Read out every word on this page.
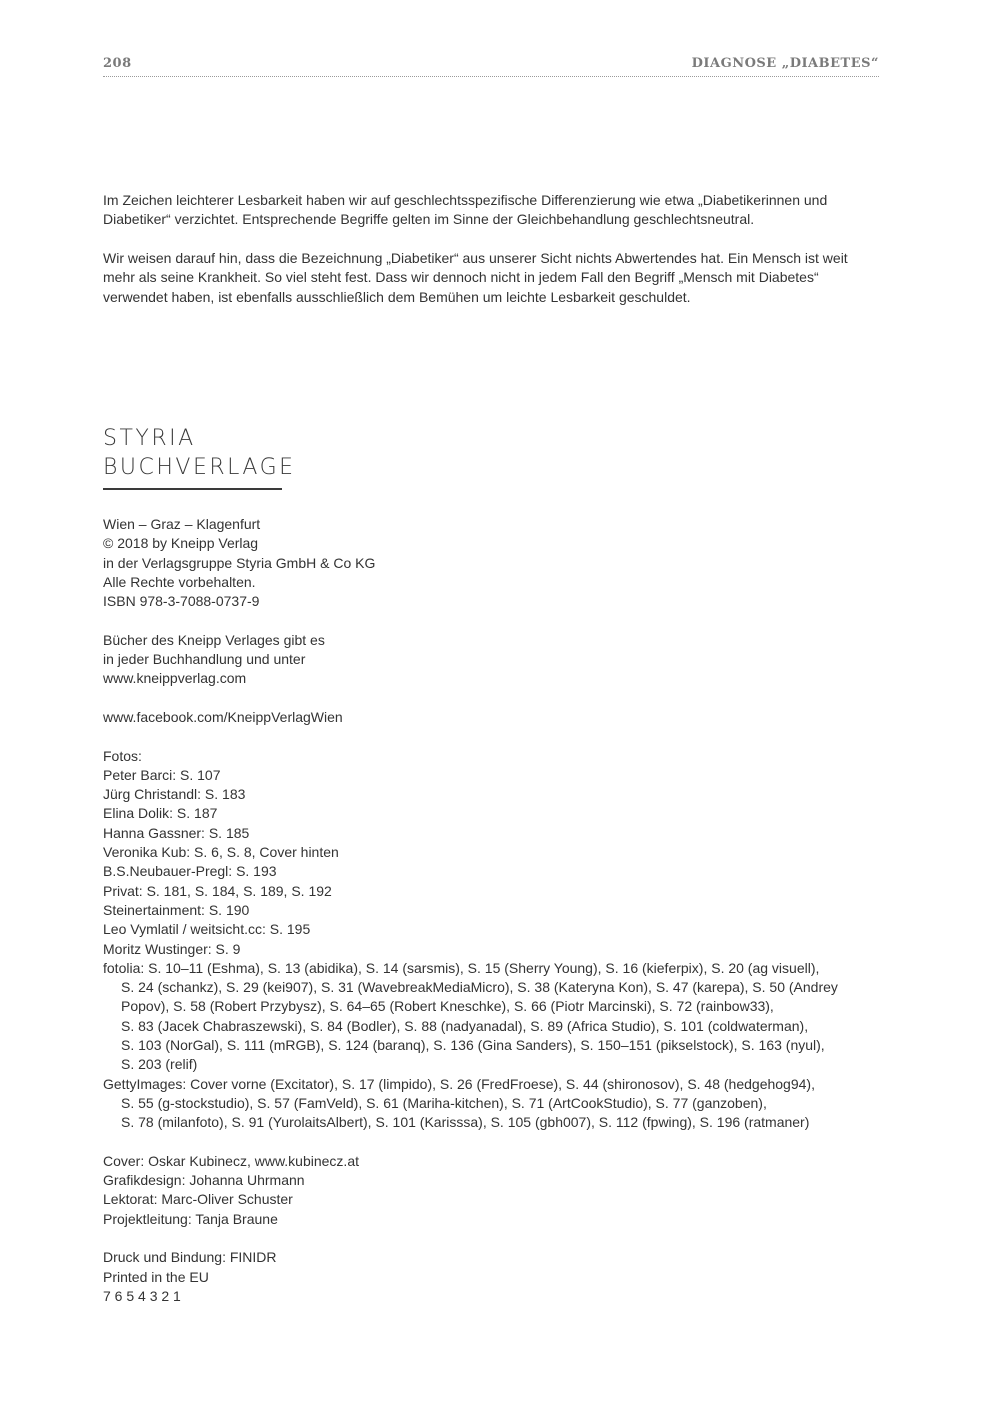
208	DIAGNOSE „DIABETES“

Im Zeichen leichterer Lesbarkeit haben wir auf geschlechtsspezifische Differenzierung wie etwa „Diabetikerinnen und Diabetiker“ verzichtet. Entsprechende Begriffe gelten im Sinne der Gleichbehandlung geschlechtsneutral.

Wir weisen darauf hin, dass die Bezeichnung „Diabetiker“ aus unserer Sicht nichts Abwertendes hat. Ein Mensch ist weit mehr als seine Krankheit. So viel steht fest. Dass wir dennoch nicht in jedem Fall den Begriff „Mensch mit Diabetes“ verwendet haben, ist ebenfalls ausschließlich dem Bemühen um leichte Lesbarkeit geschuldet.

STYRIA
BUCHVERLAGE
Wien – Graz – Klagenfurt
© 2018 by Kneipp Verlag
in der Verlagsgruppe Styria GmbH & Co KG
Alle Rechte vorbehalten.
ISBN 978-3-7088-0737-9
Bücher des Kneipp Verlages gibt es
in jeder Buchhandlung und unter
www.kneippverlag.com
www.facebook.com/KneippVerlagWien
Fotos:
Peter Barci: S. 107
Jürg Christandl: S. 183
Elina Dolik: S. 187
Hanna Gassner: S. 185
Veronika Kub: S. 6, S. 8, Cover hinten
B.S.Neubauer-Pregl: S. 193
Privat: S. 181, S. 184, S. 189, S. 192
Steinertainment: S. 190
Leo Vymlatil / weitsicht.cc: S. 195
Moritz Wustinger: S. 9
fotolia: S. 10–11 (Eshma), S. 13 (abidika), S. 14 (sarsmis), S. 15 (Sherry Young), S. 16 (kieferpix), S. 20 (ag visuell),
S. 24 (schankz), S. 29 (kei907), S. 31 (WavebreakMediaMicro), S. 38 (Kateryna Kon), S. 47 (karepa), S. 50 (Andrey
Popov), S. 58 (Robert Przybysz), S. 64–65 (Robert Kneschke), S. 66 (Piotr Marcinski), S. 72 (rainbow33),
S. 83 (Jacek Chabraszewski), S. 84 (Bodler), S. 88 (nadyanadal), S. 89 (Africa Studio), S. 101 (coldwaterman),
S. 103 (NorGal), S. 111 (mRGB), S. 124 (baranq), S. 136 (Gina Sanders), S. 150–151 (pikselstock), S. 163 (nyul),
S. 203 (relif)
GettyImages: Cover vorne (Excitator), S. 17 (limpido), S. 26 (FredFroese), S. 44 (shironosov), S. 48 (hedgehog94),
S. 55 (g-stockstudio), S. 57 (FamVeld), S. 61 (Mariha-kitchen), S. 71 (ArtCookStudio), S. 77 (ganzoben),
S. 78 (milanfoto), S. 91 (YurolaitsAlbert), S. 101 (Karisssa), S. 105 (gbh007), S. 112 (fpwing), S. 196 (ratmaner)
Cover: Oskar Kubinecz, www.kubinecz.at
Grafikdesign: Johanna Uhrmann
Lektorat: Marc-Oliver Schuster
Projektleitung: Tanja Braune
Druck und Bindung: FINIDR
Printed in the EU
7 6 5 4 3 2 1
